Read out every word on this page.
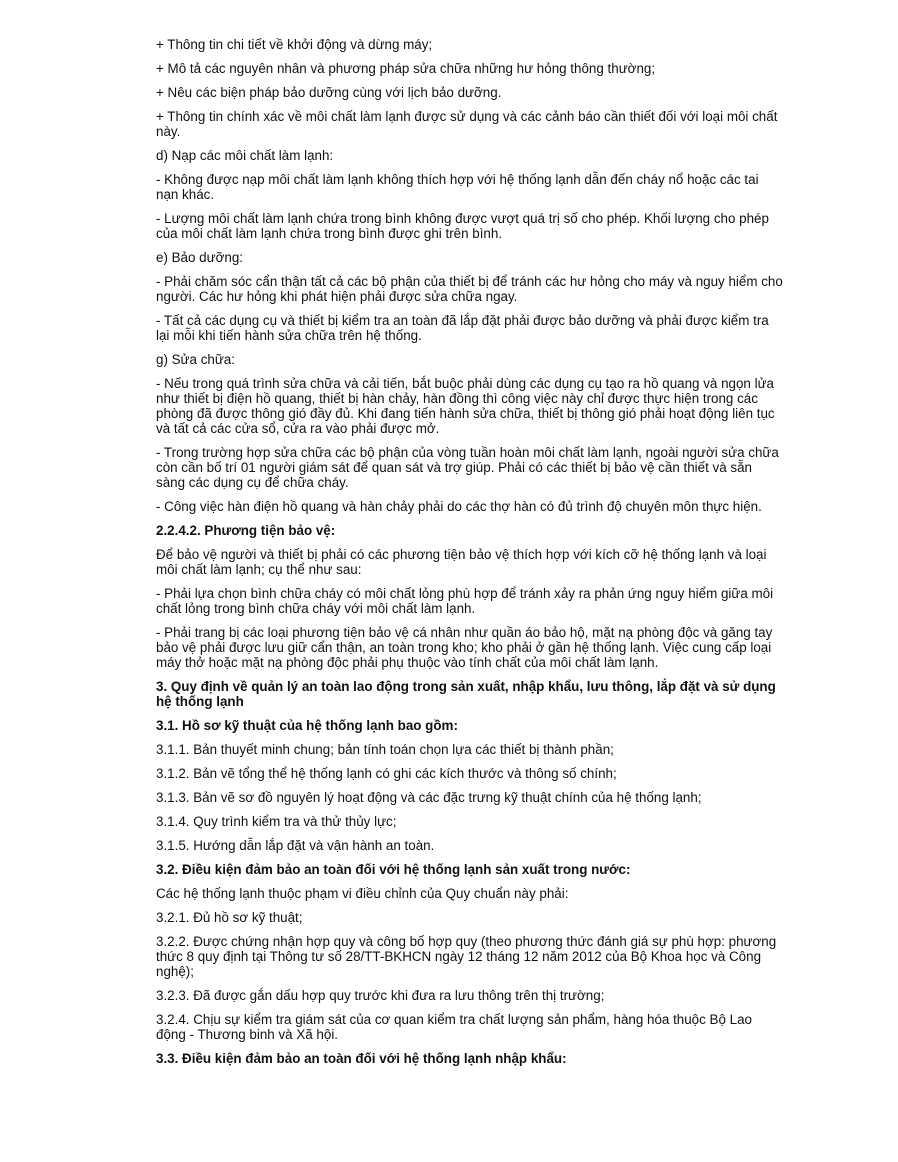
+ Thông tin chi tiết về khởi động và dừng máy;

+ Mô tả các nguyên nhân và phương pháp sửa chữa những hư hỏng thông thường;

+ Nêu các biện pháp bảo dưỡng cùng với lịch bảo dưỡng.

+ Thông tin chính xác về môi chất làm lạnh được sử dụng và các cảnh báo cần thiết đối với loại môi chất này.

d) Nạp các môi chất làm lạnh:

- Không được nạp môi chất làm lạnh không thích hợp với hệ thống lạnh dẫn đến cháy nổ hoặc các tai nạn khác.

- Lượng môi chất làm lạnh chứa trong bình không được vượt quá trị số cho phép. Khối lượng cho phép của môi chất làm lạnh chứa trong bình được ghi trên bình.

e) Bảo dưỡng:

- Phải chăm sóc cẩn thận tất cả các bộ phận của thiết bị để tránh các hư hỏng cho máy và nguy hiểm cho người. Các hư hỏng khi phát hiện phải được sửa chữa ngay.

- Tất cả các dụng cụ và thiết bị kiểm tra an toàn đã lắp đặt phải được bảo dưỡng và phải được kiểm tra lại mỗi khi tiến hành sửa chữa trên hệ thống.

g) Sửa chữa:

- Nếu trong quá trình sửa chữa và cải tiến, bắt buộc phải dùng các dụng cụ tạo ra hồ quang và ngọn lửa như thiết bị điện hồ quang, thiết bị hàn chảy, hàn đồng thì công việc này chỉ được thực hiện trong các phòng đã được thông gió đầy đủ. Khi đang tiến hành sửa chữa, thiết bị thông gió phải hoạt động liên tục và tất cả các cửa sổ, cửa ra vào phải được mở.

- Trong trường hợp sửa chữa các bộ phận của vòng tuần hoàn môi chất làm lạnh, ngoài người sửa chữa còn cần bố trí 01 người giám sát để quan sát và trợ giúp. Phải có các thiết bị bảo vệ cần thiết và sẵn sàng các dụng cụ để chữa cháy.

- Công việc hàn điện hồ quang và hàn chảy phải do các thợ hàn có đủ trình độ chuyên môn thực hiện.

2.2.4.2. Phương tiện bảo vệ:

Để bảo vệ người và thiết bị phải có các phương tiện bảo vệ thích hợp với kích cỡ hệ thống lạnh và loại môi chất làm lạnh; cụ thể như sau:

- Phải lựa chọn bình chữa cháy có môi chất lỏng phù hợp để tránh xảy ra phản ứng nguy hiểm giữa môi chất lỏng trong bình chữa cháy với môi chất làm lạnh.

- Phải trang bị các loại phương tiện bảo vệ cá nhân như quần áo bảo hộ, mặt nạ phòng độc và găng tay bảo vệ phải được lưu giữ cẩn thận, an toàn trong kho; kho phải ở gần hệ thống lạnh. Việc cung cấp loại máy thở hoặc mặt nạ phòng độc phải phụ thuộc vào tính chất của môi chất làm lạnh.

3. Quy định về quản lý an toàn lao động trong sản xuất, nhập khẩu, lưu thông, lắp đặt và sử dụng hệ thống lạnh

3.1. Hồ sơ kỹ thuật của hệ thống lạnh bao gồm:

3.1.1. Bản thuyết minh chung; bản tính toán chọn lựa các thiết bị thành phần;

3.1.2. Bản vẽ tổng thể hệ thống lạnh có ghi các kích thước và thông số chính;

3.1.3. Bản vẽ sơ đồ nguyên lý hoạt động và các đặc trưng kỹ thuật chính của hệ thống lạnh;

3.1.4. Quy trình kiểm tra và thử thủy lực;

3.1.5. Hướng dẫn lắp đặt và vận hành an toàn.

3.2. Điều kiện đảm bảo an toàn đối với hệ thống lạnh sản xuất trong nước:

Các hệ thống lạnh thuộc phạm vi điều chỉnh của Quy chuẩn này phải:

3.2.1. Đủ hồ sơ kỹ thuật;

3.2.2. Được chứng nhận hợp quy và công bố hợp quy (theo phương thức đánh giá sự phù hợp: phương thức 8 quy định tại Thông tư số 28/TT-BKHCN ngày 12 tháng 12 năm 2012 của Bộ Khoa học và Công nghệ);

3.2.3. Đã được gắn dấu hợp quy trước khi đưa ra lưu thông trên thị trường;

3.2.4. Chịu sự kiểm tra giám sát của cơ quan kiểm tra chất lượng sản phẩm, hàng hóa thuộc Bộ Lao động - Thương binh và Xã hội.

3.3. Điều kiện đảm bảo an toàn đối với hệ thống lạnh nhập khẩu:
